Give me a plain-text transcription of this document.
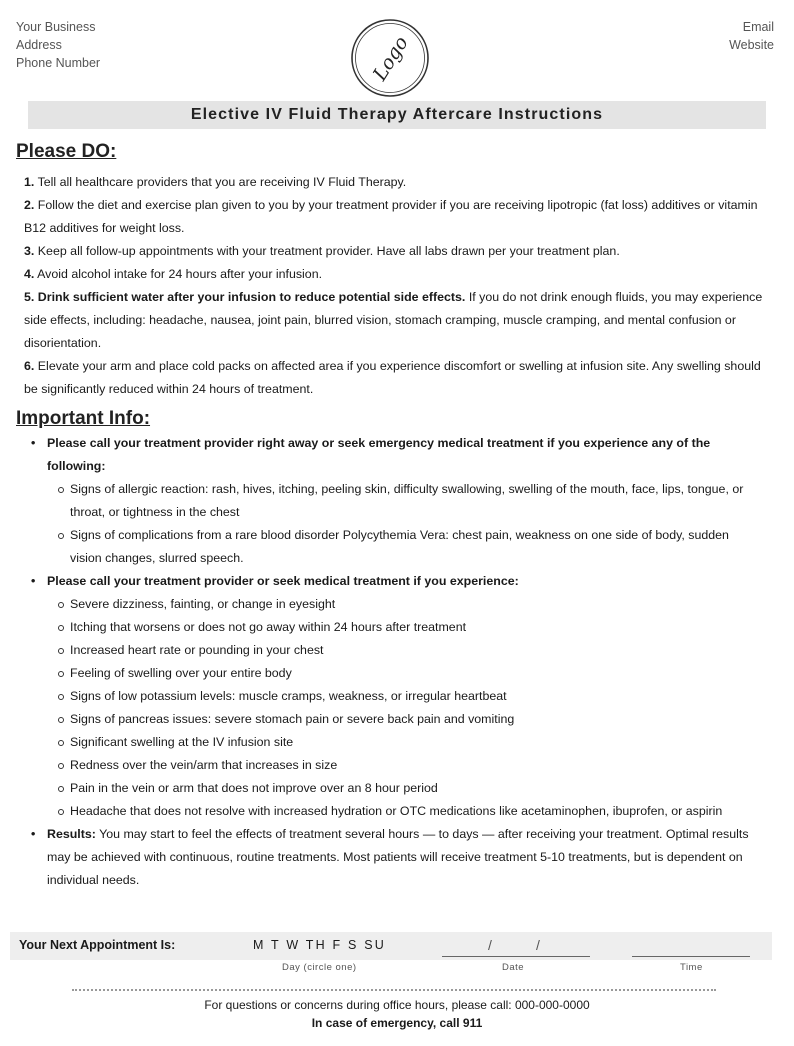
Your Business
Address
Phone Number	Logo
Email
Website
Elective IV Fluid Therapy Aftercare Instructions
Please DO:

1. Tell all healthcare providers that you are receiving IV Fluid Therapy.

2. Follow the diet and exercise plan given to you by your treatment provider if you are receiving lipotropic (fat loss) additives or vitamin B12 additives for weight loss.

3. Keep all follow-up appointments with your treatment provider. Have all labs drawn per your treatment plan.

4. Avoid alcohol intake for 24 hours after your infusion.

5. Drink sufficient water after your infusion to reduce potential side effects. If you do not drink enough fluids, you may experience side effects, including: headache, nausea, joint pain, blurred vision, stomach cramping, muscle cramping, and mental confusion or disorientation.

6. Elevate your arm and place cold packs on affected area if you experience discomfort or swelling at infusion site. Any swelling should be significantly reduced within 24 hours of treatment.

Important Info:
• Please call your treatment provider right away or seek emergency medical treatment if you experience any of the following:
Signs of allergic reaction: rash, hives, itching, peeling skin, difficulty swallowing, swelling of the mouth, face, lips, tongue, or throat, or tightness in the chest
Signs of complications from a rare blood disorder Polycythemia Vera: chest pain, weakness on one side of body, sudden vision changes, slurred speech.
• Please call your treatment provider or seek medical treatment if you experience:
Severe dizziness, fainting, or change in eyesight
Itching that worsens or does not go away within 24 hours after treatment
Increased heart rate or pounding in your chest
Feeling of swelling over your entire body
Signs of low potassium levels: muscle cramps, weakness, or irregular heartbeat
Signs of pancreas issues: severe stomach pain or severe back pain and vomiting
Significant swelling at the IV infusion site
Redness over the vein/arm that increases in size
Pain in the vein or arm that does not improve over an 8 hour period
Headache that does not resolve with increased hydration or OTC medications like acetaminophen, ibuprofen, or aspirin
• Results: You may start to feel the effects of treatment several hours — to days — after receiving your treatment. Optimal results may be achieved with continuous, routine treatments. Most patients will receive treatment 5-10 treatments, but is dependent on individual needs.
Your Next Appointment Is:	M T W TH F S SU	/	/
Day (circle one)	Date	Time
For questions or concerns during office hours, please call: 000-000-0000
In case of emergency, call 911
